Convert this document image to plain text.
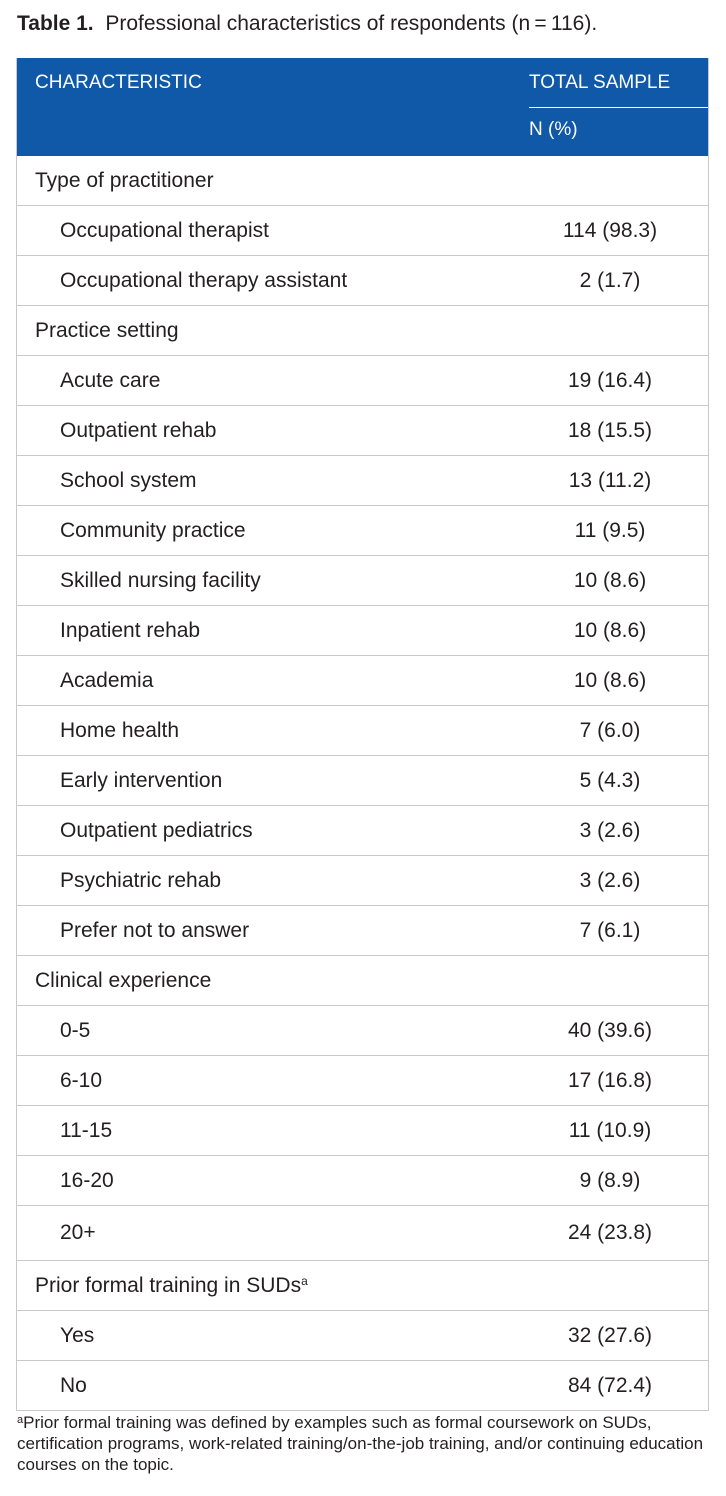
Table 1. Professional characteristics of respondents (n = 116).
CHARACTERISTIC	TOTAL SAMPLE
N (%)
Type of practitioner
Occupational therapist	114 (98.3)
Occupational therapy assistant	2 (1.7)
Practice setting
Acute care	19 (16.4)
Outpatient rehab	18 (15.5)
School system	13 (11.2)
Community practice	11 (9.5)
Skilled nursing facility	10 (8.6)
Inpatient rehab	10 (8.6)
Academia	10 (8.6)
Home health	7 (6.0)
Early intervention	5 (4.3)
Outpatient pediatrics	3 (2.6)
Psychiatric rehab	3 (2.6)
Prefer not to answer	7 (6.1)
Clinical experience
0-5	40 (39.6)
6-10	17 (16.8)
11-15	11 (10.9)
16-20	9 (8.9)
20+	24 (23.8)
Prior formal training in SUDs$^a$
Yes	32 (27.6)
No	84 (72.4)
$^a$Prior formal training was defined by examples such as formal coursework on SUDs, certification programs, work-related training/on-the-job training, and/or continuing education courses on the topic.
